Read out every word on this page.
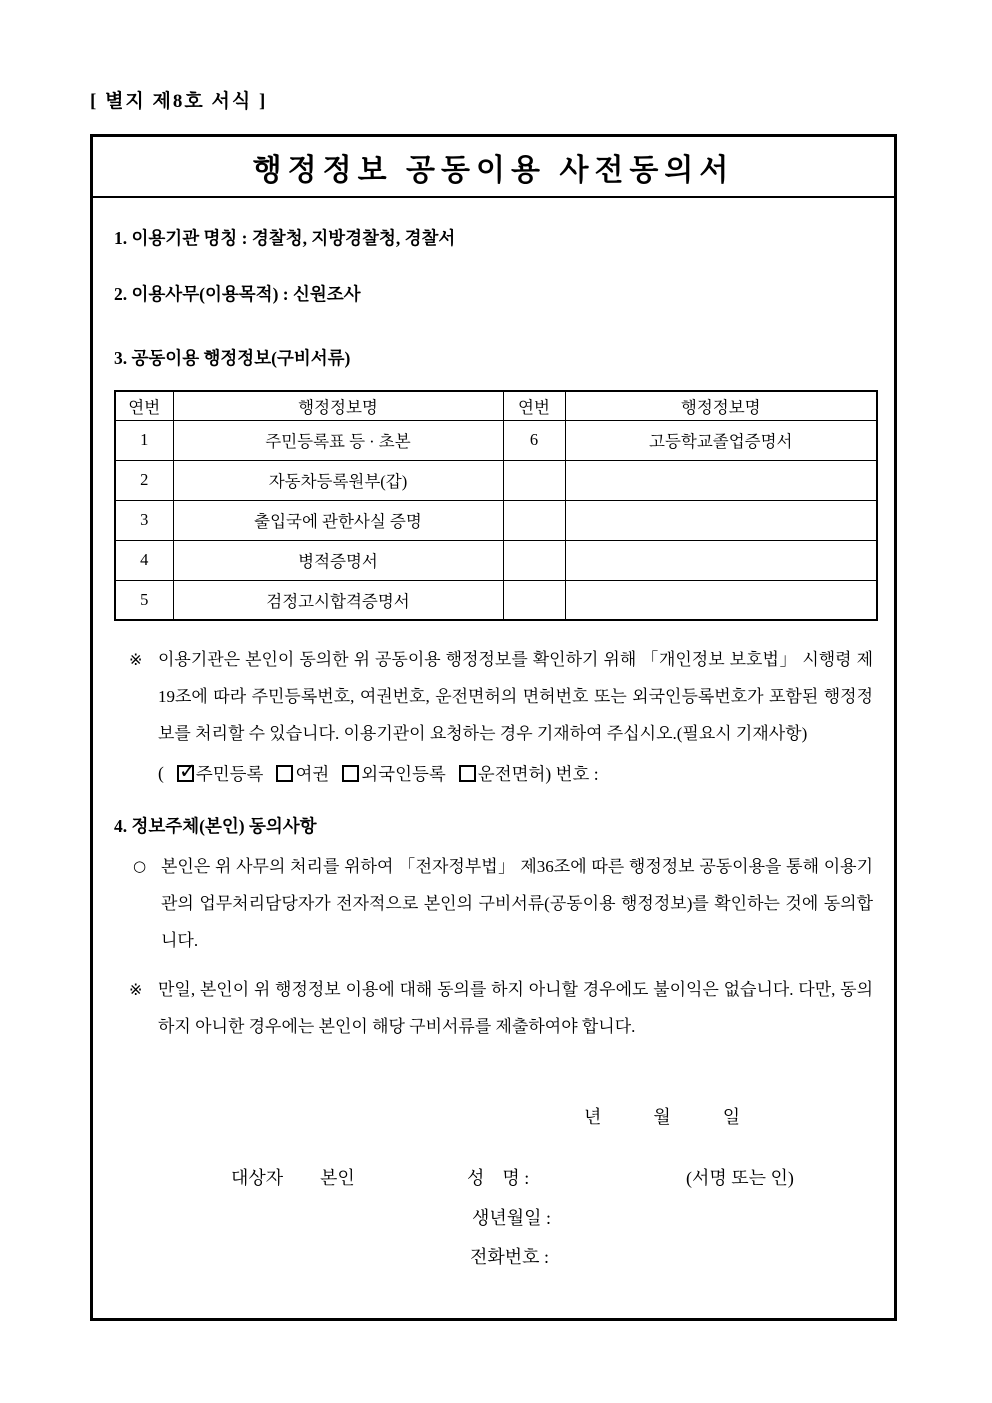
[ 별지 제8호 서식 ]
행정정보 공동이용 사전동의서
1. 이용기관 명칭 : 경찰청, 지방경찰청, 경찰서
2. 이용사무(이용목적) : 신원조사
3. 공동이용 행정정보(구비서류)
연번	행정정보명	연번	행정정보명
1	주민등록표 등 · 초본	6	고등학교졸업증명서
2	자동차등록원부(갑)		
3	출입국에 관한사실 증명		
4	병적증명서		
5	검정고시합격증명서		
※ 이용기관은 본인이 동의한 위 공동이용 행정정보를 확인하기 위해 「개인정보 보호법」 시행령 제19조에 따라 주민등록번호, 여권번호, 운전면허의 면허번호 또는 외국인등록번호가 포함된 행정정보를 처리할 수 있습니다. 이용기관이 요청하는 경우 기재하여 주십시오.(필요시 기재사항)
( ✓ 주민등록 여권 외국인등록 운전면허 ) 번호 :
4. 정보주체(본인) 동의사항
○ 본인은 위 사무의 처리를 위하여 「전자정부법」 제36조에 따른 행정정보 공동이용을 통해 이용기관의 업무처리담당자가 전자적으로 본인의 구비서류(공동이용 행정정보)를 확인하는 것에 동의합니다.
※ 만일, 본인이 위 행정정보 이용에 대해 동의를 하지 아니할 경우에도 불이익은 없습니다. 다만, 동의하지 아니한 경우에는 본인이 해당 구비서류를 제출하여야 합니다.
년	월	일
대상자 본인	성    명 :	(서명 또는 인)
생년월일 :
전화번호 :
